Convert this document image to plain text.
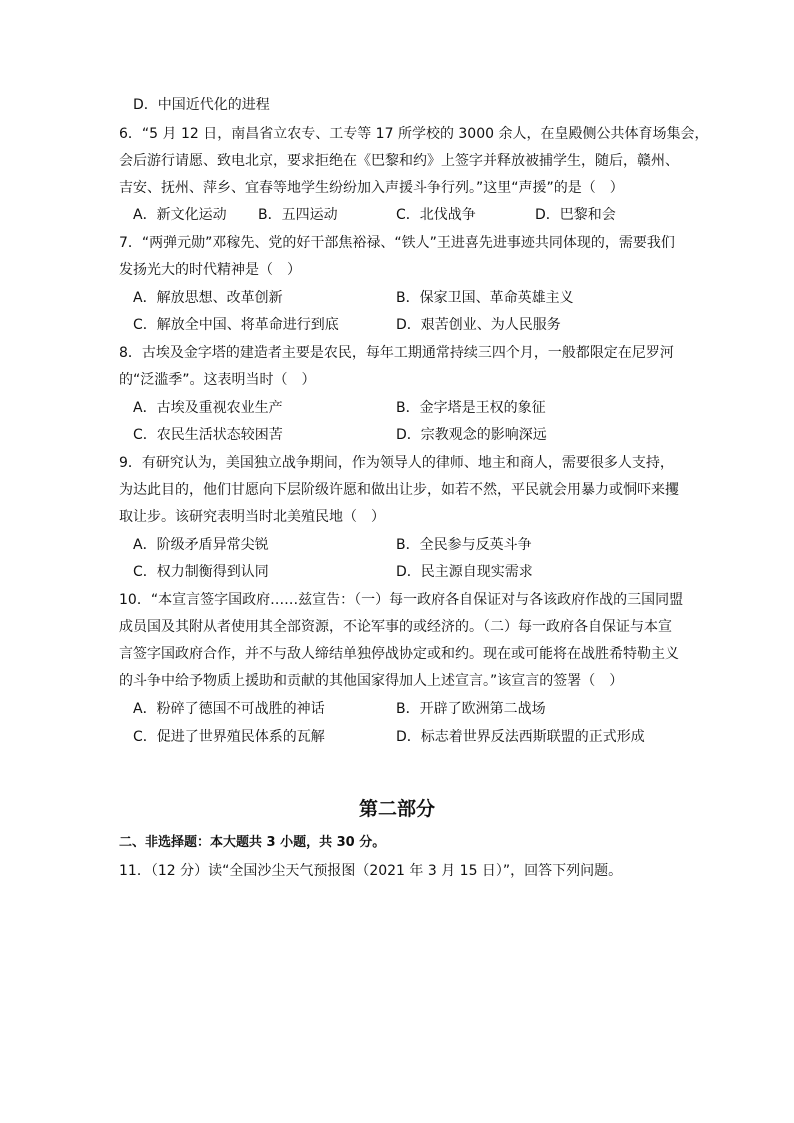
D．中国近代化的进程
6．“5 月 12 日，南昌省立农专、工专等 17 所学校的 3000 余人，在皇殿侧公共体育场集会，
会后游行请愿、致电北京，要求拒绝在《巴黎和约》上签字并释放被捕学生，随后，赣州、
吉安、抚州、萍乡、宜春等地学生纷纷加入声援斗争行列。”这里“声援”的是（　）
A．新文化运动 B．五四运动	C．北伐战争	D．巴黎和会
7．“两弹元勋”邓稼先、党的好干部焦裕禄、“铁人”王进喜先进事迹共同体现的，需要我们
发扬光大的时代精神是（　）
A．解放思想、改革创新	B．保家卫国、革命英雄主义
C．解放全中国、将革命进行到底	D．艰苦创业、为人民服务
8．古埃及金字塔的建造者主要是农民，每年工期通常持续三四个月，一般都限定在尼罗河
的“泛滥季”。这表明当时（　）
A．古埃及重视农业生产	B．金字塔是王权的象征
C．农民生活状态较困苦	D．宗教观念的影响深远
9．有研究认为，美国独立战争期间，作为领导人的律师、地主和商人，需要很多人支持，
为达此目的，他们甘愿向下层阶级许愿和做出让步，如若不然，平民就会用暴力或恫吓来攫
取让步。该研究表明当时北美殖民地（　）
A．阶级矛盾异常尖锐	B．全民参与反英斗争
C．权力制衡得到认同	D．民主源自现实需求
10．“本宣言签字国政府……兹宣告：（一）每一政府各自保证对与各该政府作战的三国同盟
成员国及其附从者使用其全部资源，不论军事的或经济的。（二）每一政府各自保证与本宣
言签字国政府合作，并不与敌人缔结单独停战协定或和约。现在或可能将在战胜希特勒主义
的斗争中给予物质上援助和贡献的其他国家得加人上述宣言。”该宣言的签署（　）
A．粉碎了德国不可战胜的神话	B．开辟了欧洲第二战场
C．促进了世界殖民体系的瓦解	D．标志着世界反法西斯联盟的正式形成
第二部分
二、非选择题：本大题共 3 小题，共 30 分。
11．（12 分）读“全国沙尘天气预报图（2021 年 3 月 15 日）”，回答下列问题。
